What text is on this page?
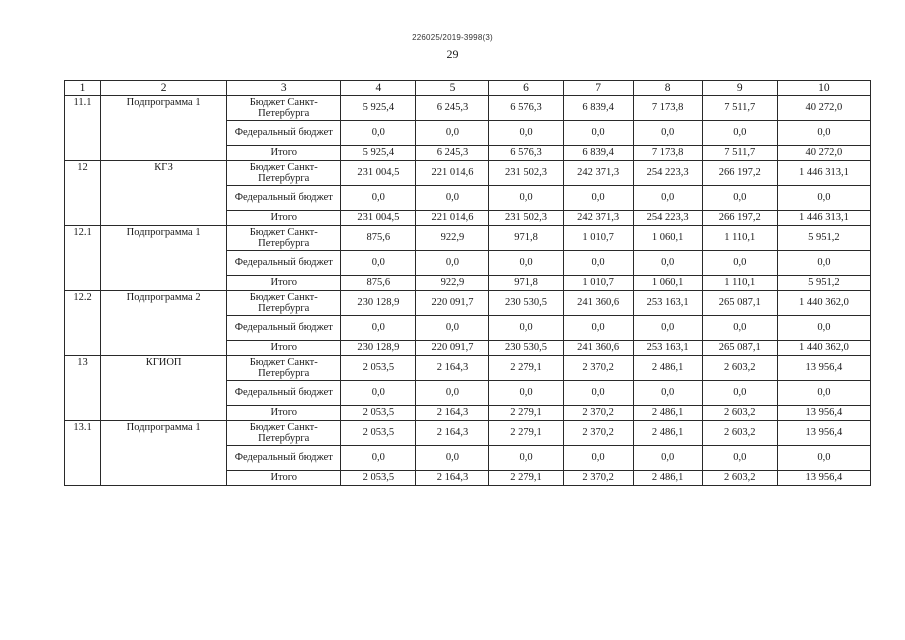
226025/2019-3998(3)
29
1	2	3	4	5	6	7	8	9	10
11.1	Подпрограмма 1	Бюджет Санкт-Петербурга	5 925,4	6 245,3	6 576,3	6 839,4	7 173,8	7 511,7	40 272,0
		Федеральный бюджет	0,0	0,0	0,0	0,0	0,0	0,0	0,0
		Итого	5 925,4	6 245,3	6 576,3	6 839,4	7 173,8	7 511,7	40 272,0
12	КГЗ	Бюджет Санкт-Петербурга	231 004,5	221 014,6	231 502,3	242 371,3	254 223,3	266 197,2	1 446 313,1
		Федеральный бюджет	0,0	0,0	0,0	0,0	0,0	0,0	0,0
		Итого	231 004,5	221 014,6	231 502,3	242 371,3	254 223,3	266 197,2	1 446 313,1
12.1	Подпрограмма 1	Бюджет Санкт-Петербурга	875,6	922,9	971,8	1 010,7	1 060,1	1 110,1	5 951,2
		Федеральный бюджет	0,0	0,0	0,0	0,0	0,0	0,0	0,0
		Итого	875,6	922,9	971,8	1 010,7	1 060,1	1 110,1	5 951,2
12.2	Подпрограмма 2	Бюджет Санкт-Петербурга	230 128,9	220 091,7	230 530,5	241 360,6	253 163,1	265 087,1	1 440 362,0
		Федеральный бюджет	0,0	0,0	0,0	0,0	0,0	0,0	0,0
		Итого	230 128,9	220 091,7	230 530,5	241 360,6	253 163,1	265 087,1	1 440 362,0
13	КГИОП	Бюджет Санкт-Петербурга	2 053,5	2 164,3	2 279,1	2 370,2	2 486,1	2 603,2	13 956,4
		Федеральный бюджет	0,0	0,0	0,0	0,0	0,0	0,0	0,0
		Итого	2 053,5	2 164,3	2 279,1	2 370,2	2 486,1	2 603,2	13 956,4
13.1	Подпрограмма 1	Бюджет Санкт-Петербурга	2 053,5	2 164,3	2 279,1	2 370,2	2 486,1	2 603,2	13 956,4
		Федеральный бюджет	0,0	0,0	0,0	0,0	0,0	0,0	0,0
		Итого	2 053,5	2 164,3	2 279,1	2 370,2	2 486,1	2 603,2	13 956,4
